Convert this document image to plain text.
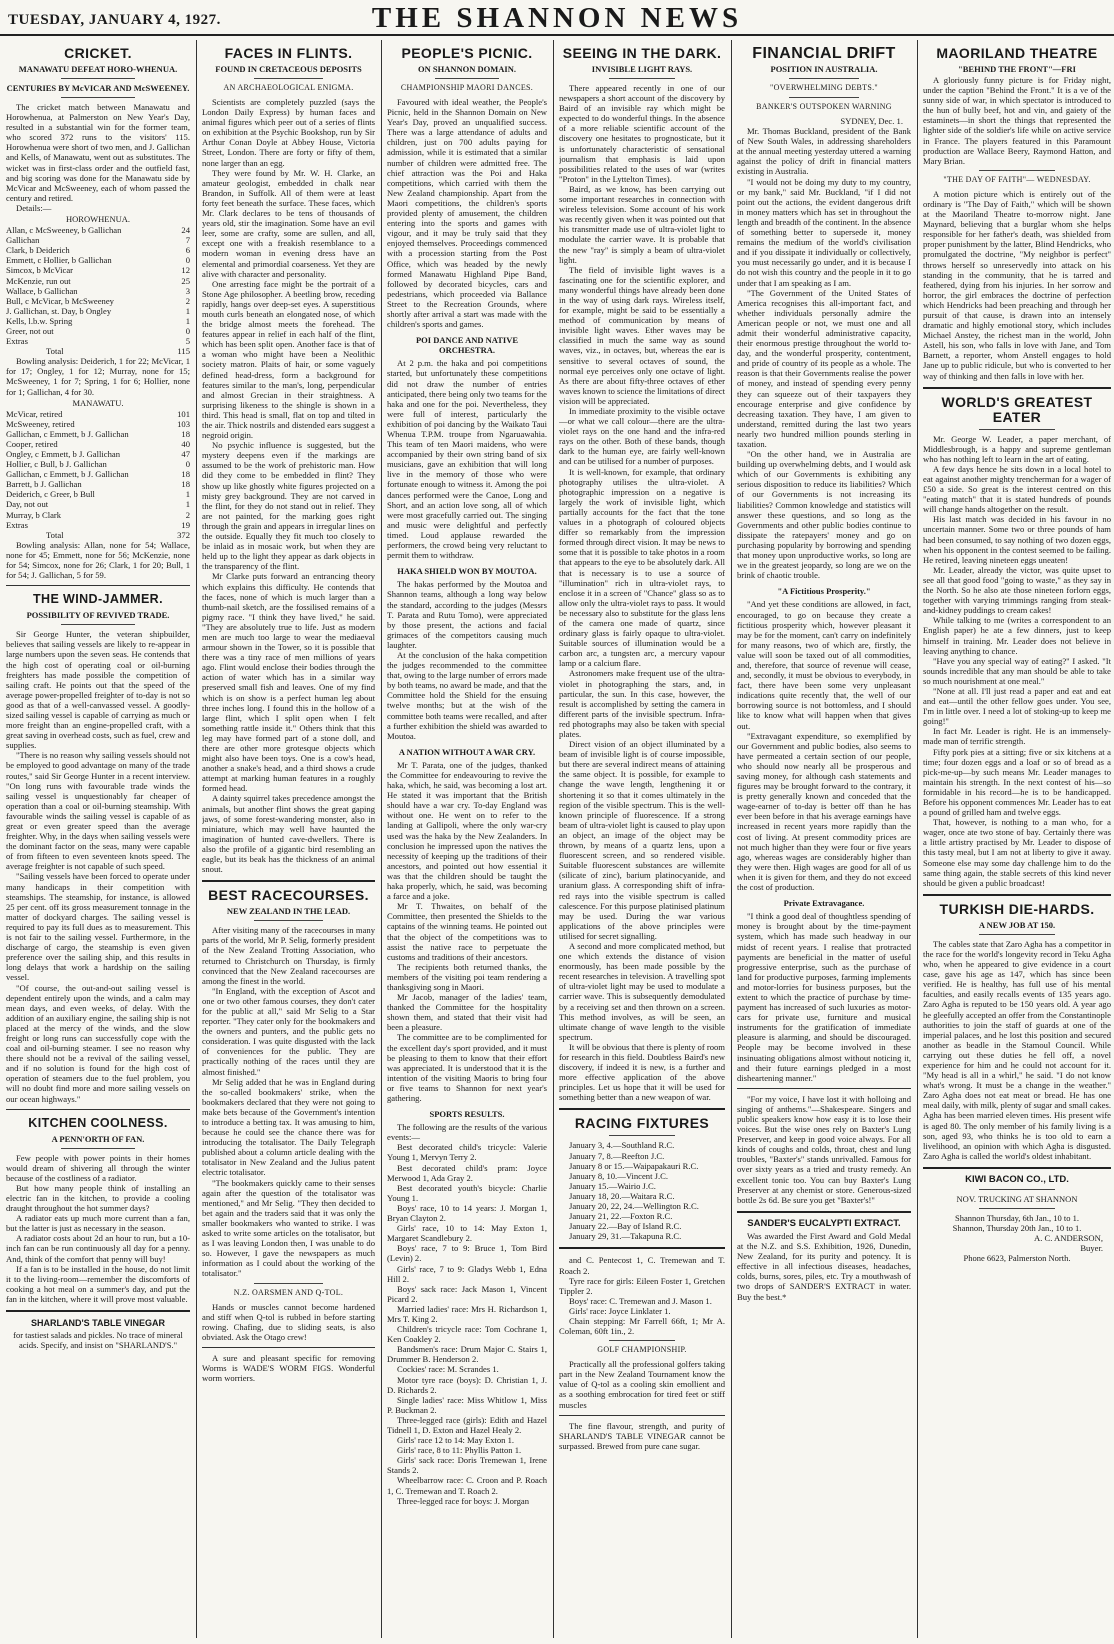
TUESDAY, JANUARY 4, 1927.	THE SHANNON NEWS
CRICKET.
MANAWATU DEFEAT HORO-WHENUA.
CENTURIES BY McVICAR AND McSWEENEY.

The cricket match between Manawatu and Horowhenua, at Palmerston on New Year's Day, resulted in a substantial win for the former team, who scored 372 runs to the visitors' 115. Horowhenua were short of two men, and J. Gallichan and Kells, of Manawatu, went out as substitutes. The wicket was in first-class order and the outfield fast, and big scoring was done for the Manawatu side by McVicar and McSweeney, each of whom passed the century and retired.

Details:—

HOROWHENUA.
Allan, c McSweeney, b Gallichan	24
Gallichan	7
Clark, b Deiderich	6
Emmett, c Hollier, b Gallichan	0
Simcox, b McVicar	12
McKenzie, run out	25
Wallace, b Gallichan	3
Bull, c McVicar, b McSweeney	2
J. Gallichan, st. Day, b Ongley	1
Kells, l.b.w. Spring	1
Greer, not out	0
Extras	5
Total	115

Bowling analysis: Deiderich, 1 for 22; McVicar, 1 for 17; Ongley, 1 for 12; Murray, none for 15; McSweeney, 1 for 7; Spring, 1 for 6; Hollier, none for 1; Gallichan, 4 for 30.

MANAWATU.
McVicar, retired	101
McSweeney, retired	103
Gallichan, c Emmett, b J. Gallichan	18
Cooper, retired	40
Ongley, c Emmett, b J. Gallichan	47
Hollier, c Bull, b J. Gallichan	0
Gallichan, c Emmett, b J. Gallichan	18
Barrett, b J. Gallichan	18
Deiderich, c Greer, b Bull	1
Day, not out	1
Murray, b Clark	2
Extras	19
Total	372

Bowling analysis: Allan, none for 54; Wallace, none for 45; Emmett, none for 56; McKenzie, none for 54; Simcox, none for 26; Clark, 1 for 20; Bull, 1 for 54; J. Gallichan, 5 for 59.

THE WIND-JAMMER.
POSSIBILITY OF REVIVED TRADE.

Sir George Hunter, the veteran shipbuilder, believes that sailing vessels are likely to re-appear in large numbers upon the seven seas. He contends that the high cost of operating coal or oil-burning freighters has made possible the competition of sailing craft. He points out that the speed of the average power-propelled freighter of to-day is not so good as that of a well-canvassed vessel. A goodly-sized sailing vessel is capable of carrying as much or more freight than an engine-propelled craft, with a great saving in overhead costs, such as fuel, crew and supplies.

"There is no reason why sailing vessels should not be employed to good advantage on many of the trade routes," said Sir George Hunter in a recent interview. "On long runs with favourable trade winds the sailing vessel is unquestionably far cheaper of operation than a coal or oil-burning steamship. With favourable winds the sailing vessel is capable of as great or even greater speed than the average freighter. Why, in the days when sailing vessels were the dominant factor on the seas, many were capable of from fifteen to even seventeen knots speed. The average freighter is not capable of such speed.

"Sailing vessels have been forced to operate under many handicaps in their competition with steamships. The steamship, for instance, is allowed 25 per cent. off its gross measurement tonnage in the matter of dockyard charges. The sailing vessel is required to pay its full dues as to measurement. This is not fair to the sailing vessel. Furthermore, in the discharge of cargo, the steamship is even given preference over the sailing ship, and this results in long delays that work a hardship on the sailing vessel.

"Of course, the out-and-out sailing vessel is dependent entirely upon the winds, and a calm may mean days, and even weeks, of delay. With the addition of an auxiliary engine, the sailing ship is not placed at the mercy of the winds, and the slow freight or long runs can successfully cope with the coal and oil-burning steamer. I see no reason why there should not be a revival of the sailing vessel, and if no solution is found for the high cost of operation of steamers due to the fuel problem, you will no doubt find more and more sailing vessels on our ocean highways."

KITCHEN COOLNESS.
A PENN'ORTH OF FAN.

Few people with power points in their homes would dream of shivering all through the winter because of the costliness of a radiator.

But how many people think of installing an electric fan in the kitchen, to provide a cooling draught throughout the hot summer days?

A radiator eats up much more current than a fan, but the latter is just as necessary in the season.

A radiator costs about 2d an hour to run, but a 10-inch fan can be run continuously all day for a penny. And, think of the comfort that penny will buy!

If a fan is to be installed in the house, do not limit it to the living-room—remember the discomforts of cooking a hot meal on a summer's day, and put the fan in the kitchen, where it will prove most valuable.

SHARLAND'S TABLE VINEGAR
for tastiest salads and pickles. No trace of mineral acids. Specify, and insist on "SHARLAND'S."
FACES IN FLINTS.
FOUND IN CRETACEOUS DEPOSITS
AN ARCHAEOLOGICAL ENIGMA.

Scientists are completely puzzled (says the London Daily Express) by human faces and animal figures which peer out of a series of flints on exhibition at the Psychic Bookshop, run by Sir Arthur Conan Doyle at Abbey House, Victoria Street, London. There are forty or fifty of them, none larger than an egg.

They were found by Mr. W. H. Clarke, an amateur geologist, embedded in chalk near Brandon, in Suffolk. All of them were at least forty feet beneath the surface. These faces, which Mr. Clark declares to be tens of thousands of years old, stir the imagination. Some have an evil leer, some are crafty, some are sullen, and all, except one with a freakish resemblance to a modern woman in evening dress have an elemental and primordial coarseness. Yet they are alive with character and personality.

One arresting face might be the portrait of a Stone Age philosopher. A beetling brow, receding rapidly, hangs over deep-set eyes. A superstitious mouth curls beneath an elongated nose, of which the bridge almost meets the forehead. The features appear in relief in each half of the flint, which has been split open. Another face is that of a woman who might have been a Neolithic society matron. Plaits of hair, or some vaguely defined head-dress, form a background for features similar to the man's, long, perpendicular and almost Grecian in their straightness. A surprising likeness to the shingle is shown in a third. This head is small, flat on top and tilted in the air. Thick nostrils and distended ears suggest a negroid origin.

No psychic influence is suggested, but the mystery deepens even if the markings are assumed to be the work of prehistoric man. How did they come to be embedded in flint? They show up like ghostly white figures projected on a misty grey background. They are not carved in the flint, for they do not stand out in relief. They are not painted, for the marking goes right through the grain and appears in irregular lines on the outside. Equally they fit much too closely to be inlaid as in mosaic work, but when they are held up to the light they appear as dark objects in the transparency of the flint.

Mr Clarke puts forward an entrancing theory which explains this difficulty. He contends that the faces, none of which is much larger than a thumb-nail sketch, are the fossilised remains of a pigmy race. "I think they have lived," he said. "They are absolutely true to life. Just as modern men are much too large to wear the mediaeval armour shown in the Tower, so it is possible that there was a tiny race of men millions of years ago. Flint would enclose their bodies through the action of water which has in a similar way preserved small fish and leaves. One of my find which is on show is a perfect human leg about three inches long. I found this in the hollow of a large flint, which I split open when I felt something rattle inside it." Others think that this leg may have formed part of a stone doll, and there are other more grotesque objects which might also have been toys. One is a cow's head, another a snake's head, and a third shows a crude attempt at marking human features in a roughly formed head.

A dainty squirrel takes precedence amongst the animals, but another flint shows the great gaping jaws, of some forest-wandering monster, also in miniature, which may well have haunted the imagination of hunted cave-dwellers. There is also the profile of a gigantic bird resembling an eagle, but its beak has the thickness of an animal snout.

BEST RACECOURSES.
NEW ZEALAND IN THE LEAD.

After visiting many of the racecourses in many parts of the world, Mr P. Selig, formerly president of the New Zealand Trotting Association, who returned to Christchurch on Thursday, is firmly convinced that the New Zealand racecourses are among the finest in the world.

"In England, with the exception of Ascot and one or two other famous courses, they don't cater for the public at all," said Mr Selig to a Star reporter. "They cater only for the bookmakers and the owners and punters, and the public gets no consideration. I was quite disgusted with the lack of conveniences for the public. They are practically nothing of the races until they are almost finished."

Mr Selig added that he was in England during the so-called bookmakers' strike, when the bookmakers declared that they were not going to make bets because of the Government's intention to introduce a betting tax. It was amusing to him, because he could see the chance there was for introducing the totalisator. The Daily Telegraph published about a column article dealing with the totalisator in New Zealand and the Julius patent electric totalisator.

"The bookmakers quickly came to their senses again after the question of the totalisator was mentioned," and Mr Selig. "They then decided to bet again and the traders said that it was only the smaller bookmakers who wanted to strike. I was asked to write some articles on the totalisator, but as I was leaving London then, I was unable to do so. However, I gave the newspapers as much information as I could about the working of the totalisator."

N.Z. OARSMEN AND Q-TOL.

Hands or muscles cannot become hardened and stiff when Q-tol is rubbed in before starting rowing. Chafing, due to sliding seats, is also obviated. Ask the Otago crew!

A sure and pleasant specific for removing Worms is WADE'S WORM FIGS. Wonderful worm worriers.

PEOPLE'S PICNIC.
ON SHANNON DOMAIN.
CHAMPIONSHIP MAORI DANCES.

Favoured with ideal weather, the People's Picnic, held in the Shannon Domain on New Year's Day, proved an unqualified success. There was a large attendance of adults and children, just on 700 adults paying for admission, while it is estimated that a similar number of children were admitted free. The chief attraction was the Poi and Haka competitions, which carried with them the New Zealand championship. Apart from the Maori competitions, the children's sports provided plenty of amusement, the children entering into the sports and games with vigour, and it may be truly said that they enjoyed themselves. Proceedings commenced with a procession starting from the Post Office, which was headed by the newly formed Manawatu Highland Pipe Band, followed by decorated bicycles, cars and pedestrians, which proceeded via Ballance Street to the Recreation Grounds, where shortly after arrival a start was made with the children's sports and games.

POI DANCE AND NATIVE ORCHESTRA.

At 2 p.m. the haka and poi competitions started, but unfortunately these competitions did not draw the number of entries anticipated, there being only two teams for the haka and one for the poi. Nevertheless, they were full of interest, particularly the exhibition of poi dancing by the Waikato Taui Whenua T.P.M. troupe from Ngaruawahia. This team of ten Maori maidens, who were accompanied by their own string band of six musicians, gave an exhibition that will long live in the memory of those who were fortunate enough to witness it. Among the poi dances performed were the Canoe, Long and Short, and an action love song, all of which were most gracefully carried out. The singing and music were delightful and perfectly timed. Loud applause rewarded the performers, the crowd being very reluctant to permit them to withdraw.

HAKA SHIELD WON BY MOUTOA.

The hakas performed by the Moutoa and Shannon teams, although a long way below the standard, according to the judges (Messrs T. Parata and Rutu Tomo), were appreciated by those present, the actions and facial grimaces of the competitors causing much laughter.

At the conclusion of the haka competition the judges recommended to the committee that, owing to the large number of errors made by both teams, no award be made, and that the Committee hold the Shield for the ensuing twelve months; but at the wish of the committee both teams were recalled, and after a further exhibition the shield was awarded to Moutoa.

A NATION WITHOUT A WAR CRY.

Mr T. Parata, one of the judges, thanked the Committee for endeavouring to revive the haka, which, he said, was becoming a lost art. He stated it was important that the British should have a war cry. To-day England was without one. He went on to refer to the landing at Gallipoli, where the only war-cry used was the haka by the New Zealanders. In conclusion he impressed upon the natives the necessity of keeping up the traditions of their ancestors, and pointed out how essential it was that the children should be taught the haka properly, which, he said, was becoming a farce and a joke.

Mr T. Thwaites, on behalf of the Committee, then presented the Shields to the captains of the winning teams. He pointed out that the object of the competitions was to assist the native race to perpetuate the customs and traditions of their ancestors.

The recipients both returned thanks, the members of the visiting poi team rendering a thanksgiving song in Maori.

Mr Jacob, manager of the ladies' team, thanked the Committee for the hospitality shown them, and stated that their visit had been a pleasure.

The committee are to be complimented for the excellent day's sport provided, and it must be pleasing to them to know that their effort was appreciated. It is understood that it is the intention of the visiting Maoris to bring four or five teams to Shannon for next year's gathering.

SPORTS RESULTS.

The following are the results of the various events:—

Best decorated child's tricycle: Valerie Young 1, Mervyn Terry 2.

Best decorated child's pram: Joyce Merwood 1, Ada Gray 2.

Best decorated youth's bicycle: Charlie Young 1.

Boys' race, 10 to 14 years: J. Morgan 1, Bryan Clayton 2.

Girls' race, 10 to 14: May Exton 1, Margaret Scandlebury 2.

Boys' race, 7 to 9: Bruce 1, Tom Bird (Levin) 2.

Girls' race, 7 to 9: Gladys Webb 1, Edna Hill 2.

Boys' sack race: Jack Mason 1, Vincent Picard 2.

Married ladies' race: Mrs H. Richardson 1, Mrs T. King 2.

Children's tricycle race: Tom Cochrane 1, Ken Coakley 2.

Bandsmen's race: Drum Major C. Stairs 1, Drummer B. Henderson 2.

Cockies' race: M. Scrandes 1.

Motor tyre race (boys): D. Christian 1, J. D. Richards 2.

Single ladies' race: Miss Whitlow 1, Miss P. Buckman 2.

Three-legged race (girls): Edith and Hazel Tidnell 1, D. Exton and Hazel Healy 2.

Girls' race 12 to 14: May Exton 1.

Girls' race, 8 to 11: Phyllis Patton 1.

Girls' sack race: Doris Tremewan 1, Irene Stands 2.

Wheelbarrow race: C. Croon and P. Roach 1, C. Tremewan and T. Roach 2.

Three-legged race for boys: J. Morgan

SEEING IN THE DARK.
INVISIBLE LIGHT RAYS.

There appeared recently in one of our newspapers a short account of the discovery by Baird of an invisible ray which might be expected to do wonderful things. In the absence of a more reliable scientific account of the discovery one hesitates to prognosticate, but it is unfortunately characteristic of sensational journalism that emphasis is laid upon possibilities related to the uses of war (writes "Proton" in the Lyttelton Times).

Baird, as we know, has been carrying out some important researches in connection with wireless television. Some account of his work was recently given when it was pointed out that his transmitter made use of ultra-violet light to modulate the carrier wave. It is probable that the new "ray" is simply a beam of ultra-violet light.

The field of invisible light waves is a fascinating one for the scientific explorer, and many wonderful things have already been done in the way of using dark rays. Wireless itself, for example, might be said to be essentially a method of communication by means of invisible light waves. Ether waves may be classified in much the same way as sound waves, viz., in octaves, but, whereas the ear is sensitive to several octaves of sound, the normal eye perceives only one octave of light. As there are about fifty-three octaves of ether waves known to science the limitations of direct vision will be appreciated.

In immediate proximity to the visible octave—or what we call colour—there are the ultra-violet rays on the one hand and the infra-red rays on the other. Both of these bands, though dark to the human eye, are fairly well-known and can be utilised for a number of purposes.

It is well-known, for example, that ordinary photography utilises the ultra-violet. A photographic impression on a negative is largely the work of invisible light, which partially accounts for the fact that the tone values in a photograph of coloured objects differ so remarkably from the impression formed through direct vision. It may be news to some that it is possible to take photos in a room that appears to the eye to be absolutely dark. All that is necessary is to use a source of "illumination" rich in ultra-violet rays, to enclose it in a screen of "Chance" glass so as to allow only the ultra-violet rays to pass. It would be necessary also to substitute for the glass lens of the camera one made of quartz, since ordinary glass is fairly opaque to ultra-violet. Suitable sources of illumination would be a carbon arc, a tungsten arc, a mercury vapour lamp or a calcium flare.

Astronomers make frequent use of the ultra-violet in photographing the stars, and, in particular, the sun. In this case, however, the result is accomplished by setting the camera in different parts of the invisible spectrum. Infra-red photographs may also be taken with special plates.

Direct vision of an object illuminated by a beam of invisible light is of course impossible, but there are several indirect means of attaining the same object. It is possible, for example to change the wave length, lengthening it or shortening it so that it comes ultimately in the region of the visible spectrum. This is the well-known principle of fluorescence. If a strong beam of ultra-violet light is caused to play upon an object, an image of the object may be thrown, by means of a quartz lens, upon a fluorescent screen, and so rendered visible. Suitable fluorescent substances are willemite (silicate of zinc), barium platinocyanide, and uranium glass. A corresponding shift of infra-red rays into the visible spectrum is called calescence. For this purpose platinised platinum may be used. During the war various applications of the above principles were utilised for secret signalling.

A second and more complicated method, but one which extends the distance of vision enormously, has been made possible by the recent researches in television. A travelling spot of ultra-violet light may be used to modulate a carrier wave. This is subsequently demodulated by a receiving set and then thrown on a screen. This method involves, as will be seen, an ultimate change of wave length to the visible spectrum.

It will be obvious that there is plenty of room for research in this field. Doubtless Baird's new discovery, if indeed it is new, is a further and more effective application of the above principles. Let us hope that it will be used for something better than a new weapon of war.

RACING FIXTURES

January 3, 4.—Southland R.C.

January 7, 8.—Reefton J.C.

January 8 or 15.—Waipapakauri R.C.

January 8, 10.—Vincent J.C.

January 15.—Wairio J.C.

January 18, 20.—Waitara R.C.

January 20, 22, 24.—Wellington R.C.

January 21, 22.—Foxton R.C.

January 22.—Bay of Island R.C.

January 29, 31.—Takapuna R.C.

and C. Pentecost 1, C. Tremewan and T. Roach 2.

Tyre race for girls: Eileen Foster 1, Gretchen Tippler 2.

Boys' race: C. Tremewan and J. Mason 1.

Girls' race: Joyce Linklater 1.

Chain stepping: Mr Farrell 66ft, 1; Mr A. Coleman, 60ft 1in., 2.

GOLF CHAMPIONSHIP.

Practically all the professional golfers taking part in the New Zealand Tournament know the value of Q-tol as a cooling skin emollient and as a soothing embrocation for tired feet or stiff muscles

The fine flavour, strength, and purity of SHARLAND'S TABLE VINEGAR cannot be surpassed. Brewed from pure cane sugar.

FINANCIAL DRIFT
POSITION IN AUSTRALIA.
"OVERWHELMING DEBTS."
BANKER'S OUTSPOKEN WARNING
SYDNEY, Dec. 1.

Mr. Thomas Buckland, president of the Bank of New South Wales, in addressing shareholders at the annual meeting yesterday uttered a warning against the policy of drift in financial matters existing in Australia.

"I would not be doing my duty to my country, or my bank," said Mr. Buckland, "if I did not point out the actions, the evident dangerous drift in money matters which has set in throughout the length and breadth of the continent. In the absence of something better to supersede it, money remains the medium of the world's civilisation and if you dissipate it individually or collectively, you must necessarily go under, and it is because I do not wish this country and the people in it to go under that I am speaking as I am.

"The Government of the United States of America recognises this all-important fact, and whether individuals personally admire the American people or not, we must one and all admit their wonderful administrative capacity, their enormous prestige throughout the world to-day, and the wonderful prosperity, contentment, and pride of country of its people as a whole. The reason is that their Governments realise the power of money, and instead of spending every penny they can squeeze out of their taxpayers they encourage enterprise and give confidence by decreasing taxation. They have, I am given to understand, remitted during the last two years nearly two hundred million pounds sterling in taxation.

"On the other hand, we in Australia are building up overwhelming debts, and I would ask which of our Governments is exhibiting any serious disposition to reduce its liabilities? Which of our Governments is not increasing its liabilities? Common knowledge and statistics will answer these questions, and so long as the Governments and other public bodies continue to dissipate the ratepayers' money and go on purchasing popularity by borrowing and spending that money upon unproductive works, so long are we in the greatest jeopardy, so long are we on the brink of chaotic trouble.

"A Fictitious Prosperity."

"And yet these conditions are allowed, in fact, encouraged, to go on because they create a fictitious prosperity which, however pleasant it may be for the moment, can't carry on indefinitely for many reasons, two of which are, firstly, the value will soon be taxed out of all commodities, and, therefore, that source of revenue will cease, and, secondly, it must be obvious to everybody, in fact, there have been some very unpleasant indications quite recently that, the well of our borrowing source is not bottomless, and I should like to know what will happen when that gives out.

"Extravagant expenditure, so exemplified by our Government and public bodies, also seems to have permeated a certain section of our people, who should now nearly all be prosperous and saving money, for although cash statements and figures may be brought forward to the contrary, it is pretty generally known and conceded that the wage-earner of to-day is better off than he has ever been before in that his average earnings have increased in recent years more rapidly than the cost of living. At present commodity prices are not much higher than they were four or five years ago, whereas wages are considerably higher than they were then. High wages are good for all of us when it is given for them, and they do not exceed the cost of production.

Private Extravagance.

"I think a good deal of thoughtless spending of money is brought about by the time-payment system, which has made such headway in our midst of recent years. I realise that protracted payments are beneficial in the matter of useful progressive enterprise, such as the purchase of land for productive purposes, farming implements and motor-lorries for business purposes, but the extent to which the practice of purchase by time-payment has increased of such luxuries as motor-cars for private use, furniture and musical instruments for the gratification of immediate pleasure is alarming, and should be discouraged. People may be become involved in these insinuating obligations almost without noticing it, and their future earnings pledged in a most disheartening manner."

"For my voice, I have lost it with holloing and singing of anthems."—Shakespeare. Singers and public speakers know how easy it is to lose their voices. But the wise ones rely on Baxter's Lung Preserver, and keep in good voice always. For all kinds of coughs and colds, throat, chest and lung troubles, "Baxter's" stands unrivalled. Famous for over sixty years as a tried and trusty remedy. An excellent tonic too. You can buy Baxter's Lung Preserver at any chemist or store. Generous-sized bottle 2s 6d. Be sure you get "Baxter's!"

SANDER'S EUCALYPTI EXTRACT.

Was awarded the First Award and Gold Medal at the N.Z. and S.S. Exhibition, 1926, Dunedin, New Zealand, for its purity and potency. It is effective in all infectious diseases, headaches, colds, burns, sores, piles, etc. Try a mouthwash of two drops of SANDER'S EXTRACT in water. Buy the best.*

MAORILAND THEATRE
"BEHIND THE FRONT"—FRI

A gloriously funny picture is for Friday night, under the caption "Behind the Front." It is a ve of the sunny side of war, in which spectator is introduced to the hun of bully beef, hot and vin, and gaiety of the estaminets—in short the things that represented the lighter side of the soldier's life while on active service in France. The players featured in this Paramount production are Wallace Beery, Raymond Hatton, and Mary Brian.

"THE DAY OF FAITH"— WEDNESDAY.

A motion picture which is entirely out of the ordinary is "The Day of Faith," which will be shown at the Maoriland Theatre to-morrow night. Jane Maynard, believing that a burglar whom she helps responsible for her father's death, was shielded from proper punishment by the latter, Blind Hendricks, who promulgated the doctrine, "My neighbor is perfect" throws herself so unreservedly into attack on his standing in the community, that he is tarred and feathered, dying from his injuries. In her sorrow and horror, the girl embraces the doctrine of perfection which Hendricks had been preaching and through her pursuit of that cause, is drawn into an intensely dramatic and highly emotional story, which includes Michael Anstey, the richest man in the world, John Astell, his son, who falls in love with Jane, and Tom Barnett, a reporter, whom Anstell engages to hold Jane up to public ridicule, but who is converted to her way of thinking and then falls in love with her.

WORLD'S GREATEST EATER

Mr. George W. Leader, a paper merchant, of Middlesbrough, is a happy and supreme gentleman who has nothing left to learn in the art of eating.

A few days hence he sits down in a local hotel to eat against another mighty trencherman for a wager of £50 a side. So great is the interest centred on this "eating match" that it is stated hundreds of pounds will change hands altogether on the result.

His last match was decided in his favour in no uncertain manner. Some two or three pounds of ham had been consumed, to say nothing of two dozen eggs, when his opponent in the contest seemed to be failing. He retired, leaving nineteen eggs uneaten!

Mr. Leader, already the victor, was quite upset to see all that good food "going to waste," as they say in the North. So he also ate those nineteen forlorn eggs, together with varying trimmings ranging from steak-and-kidney puddings to cream cakes!

While talking to me (writes a correspondent to an English paper) he ate a few dinners, just to keep himself in training. Mr. Leader does not believe in leaving anything to chance.

"Have you any special way of eating?" I asked. "It sounds incredible that any man should be able to take so much nourishment at one meal."

"None at all. I'll just read a paper and eat and eat and eat—until the other fellow goes under. You see, I'm in little over. I need a lot of stoking-up to keep me going!"

In fact Mr. Leader is right. He is an immensely-made man of terrific strength.

Fifty pork pies at a sitting; five or six kitchens at a time; four dozen eggs and a loaf or so of bread as a pick-me-up—by such means Mr. Leader manages to maintain his strength. In the next contest of his—so formidable in his record—he is to be handicapped. Before his opponent commences Mr. Leader has to eat a pound of grilled ham and twelve eggs.

That, however, is nothing to a man who, for a wager, once ate two stone of bay. Certainly there was a little artistry practised by Mr. Leader to dispose of this tasty meal, but I am not at liberty to give it away. Someone else may some day challenge him to do the same thing again, the stable secrets of this kind never should be given a public broadcast!

TURKISH DIE-HARDS.
A NEW JOB AT 150.

The cables state that Zaro Agha has a competitor in the race for the world's longevity record in Teku Agha who, when he appeared to give evidence in a court case, gave his age as 147, which has since been verified. He is healthy, has full use of his mental faculties, and easily recalls events of 135 years ago. Zaro Agha is reputed to be 150 years old. A year ago he gleefully accepted an offer from the Constantinople authorities to join the staff of guards at one of the imperial palaces, and he lost this position and secured another as beadle in the Stamoul Council. While carrying out these duties he fell off, a novel experience for him and he could not account for it. "My head is all in a whirl," he said. "I do not know what's wrong. It must be a change in the weather." Zaro Agha does not eat meat or bread. He has one meal daily, with milk, plenty of sugar and small cakes. Agha has been married eleven times. His present wife is aged 80. The only member of his family living is a son, aged 93, who thinks he is too old to earn a livelihood, an opinion with which Agha is disgusted. Zaro Agha is called the world's oldest inhabitant.

KIWI BACON CO., LTD.
NOV. TRUCKING AT SHANNON
Shannon Thursday, 6th Jan., 10 to 1.
Shannon, Thursday 20th Jan., 10 to 1.
A. C. ANDERSON,
Buyer.
Phone 6623, Palmerston North.
